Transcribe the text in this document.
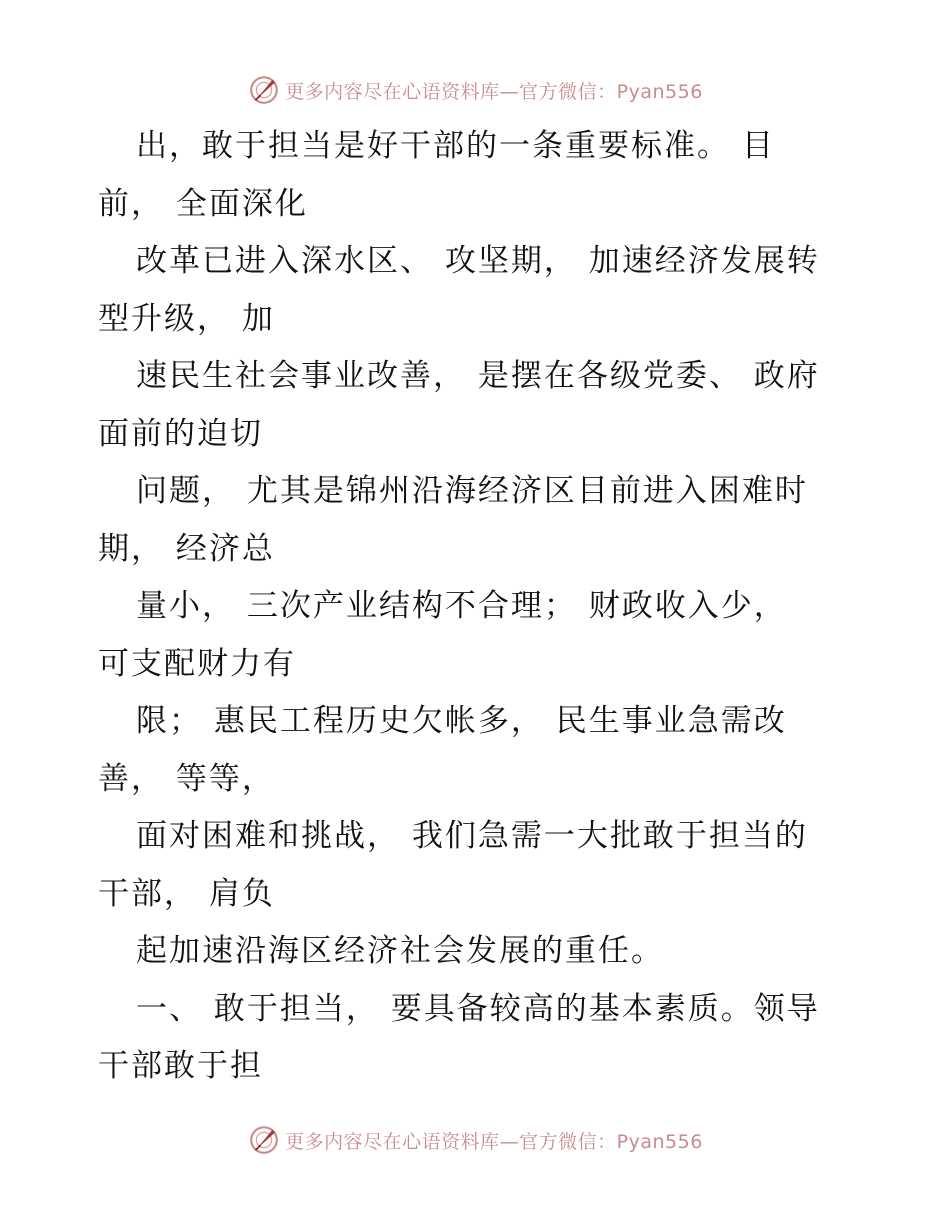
更多内容尽在心语资料库—官方微信：Pyan556

出，敢于担当是好干部的一条重要标准。 目
前， 全面深化

改革已进入深水区、 攻坚期， 加速经济发展转
型升级， 加

速民生社会事业改善， 是摆在各级党委、 政府
面前的迫切

问题， 尤其是锦州沿海经济区目前进入困难时
期， 经济总

量小， 三次产业结构不合理； 财政收入少，
可支配财力有

限； 惠民工程历史欠帐多， 民生事业急需改
善， 等等，

面对困难和挑战， 我们急需一大批敢于担当的
干部， 肩负

起加速沿海区经济社会发展的重任。

一、 敢于担当， 要具备较高的基本素质。领导
干部敢于担

更多内容尽在心语资料库—官方微信：Pyan556
